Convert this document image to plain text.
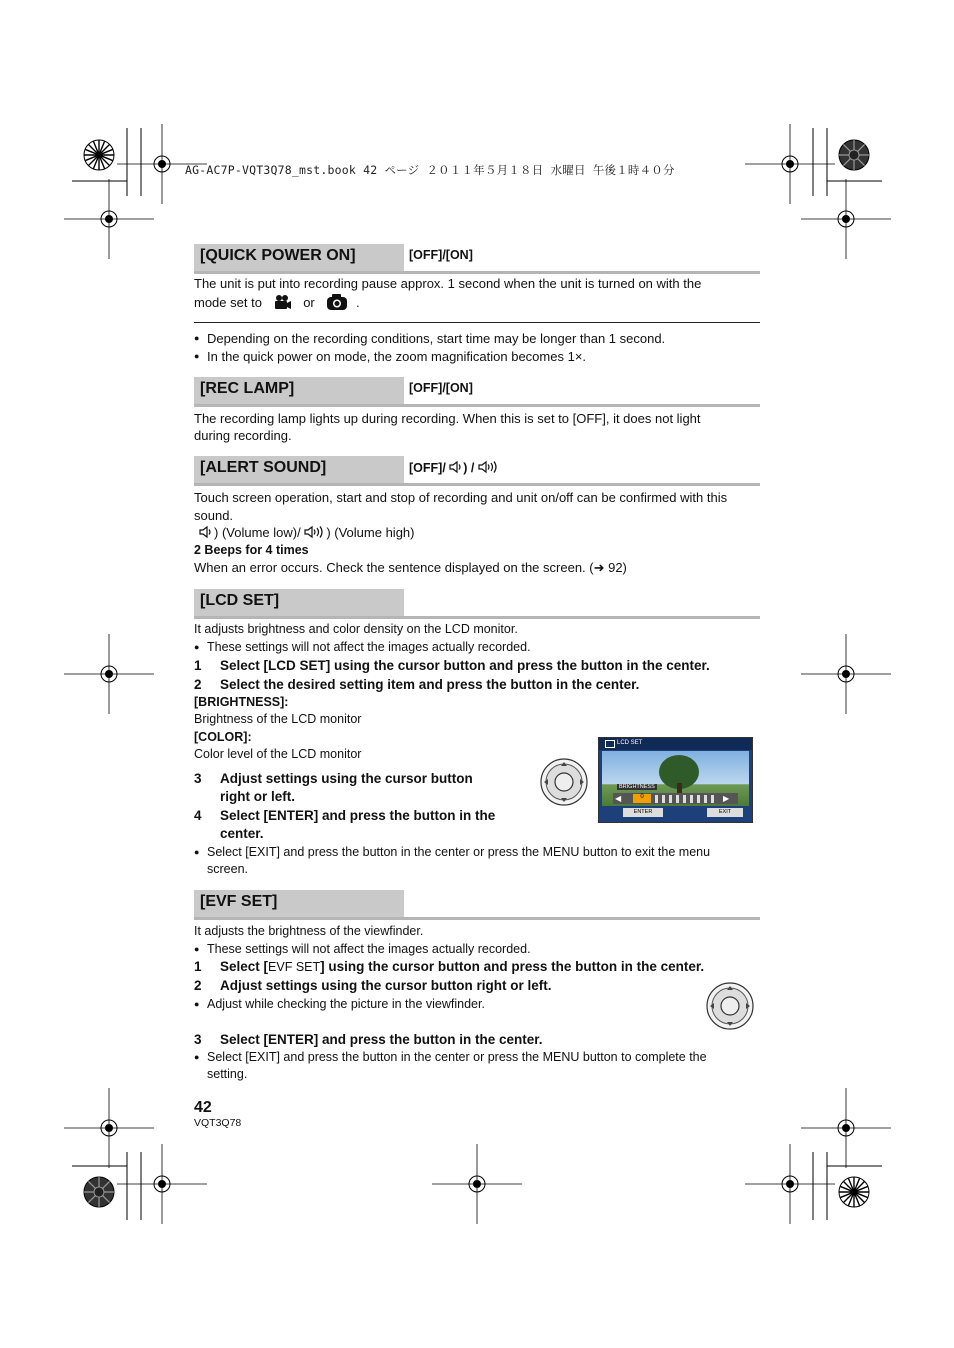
AG-AC7P-VQT3Q78_mst.book 42 ページ ２０１１年５月１８日 水曜日 午後１時４０分
[QUICK POWER ON]	[OFF]/[ON]
The unit is put into recording pause approx. 1 second when the unit is turned on with the
mode set to	or	.
● Depending on the recording conditions, start time may be longer than 1 second.
● In the quick power on mode, the zoom magnification becomes 1×.
[REC LAMP]	[OFF]/[ON]
The recording lamp lights up during recording. When this is set to [OFF], it does not light
during recording.
[ALERT SOUND]	[OFF]/ ) /
Touch screen operation, start and stop of recording and unit on/off can be confirmed with this
sound.
) (Volume low)/ ) (Volume high)
2 Beeps for 4 times
When an error occurs. Check the sentence displayed on the screen. (➜ 92)
[LCD SET]
It adjusts brightness and color density on the LCD monitor.
● These settings will not affect the images actually recorded.
1 Select [LCD SET] using the cursor button and press the button in the center.
2 Select the desired setting item and press the button in the center.
[BRIGHTNESS]:
Brightness of the LCD monitor
[COLOR]:
Color level of the LCD monitor
3 Adjust settings using the cursor button
right or left.
4 Select [ENTER] and press the button in the
center.
LCD SET
BRIGHTNESS
◀	0	▶
ENTER	EXIT
● Select [EXIT] and press the button in the center or press the MENU button to exit the menu
screen.
[EVF SET]
It adjusts the brightness of the viewfinder.
● These settings will not affect the images actually recorded.
1 Select [EVF SET] using the cursor button and press the button in the center.
2 Adjust settings using the cursor button right or left.
● Adjust while checking the picture in the viewfinder.
3 Select [ENTER] and press the button in the center.
● Select [EXIT] and press the button in the center or press the MENU button to complete the
setting.
42
VQT3Q78
